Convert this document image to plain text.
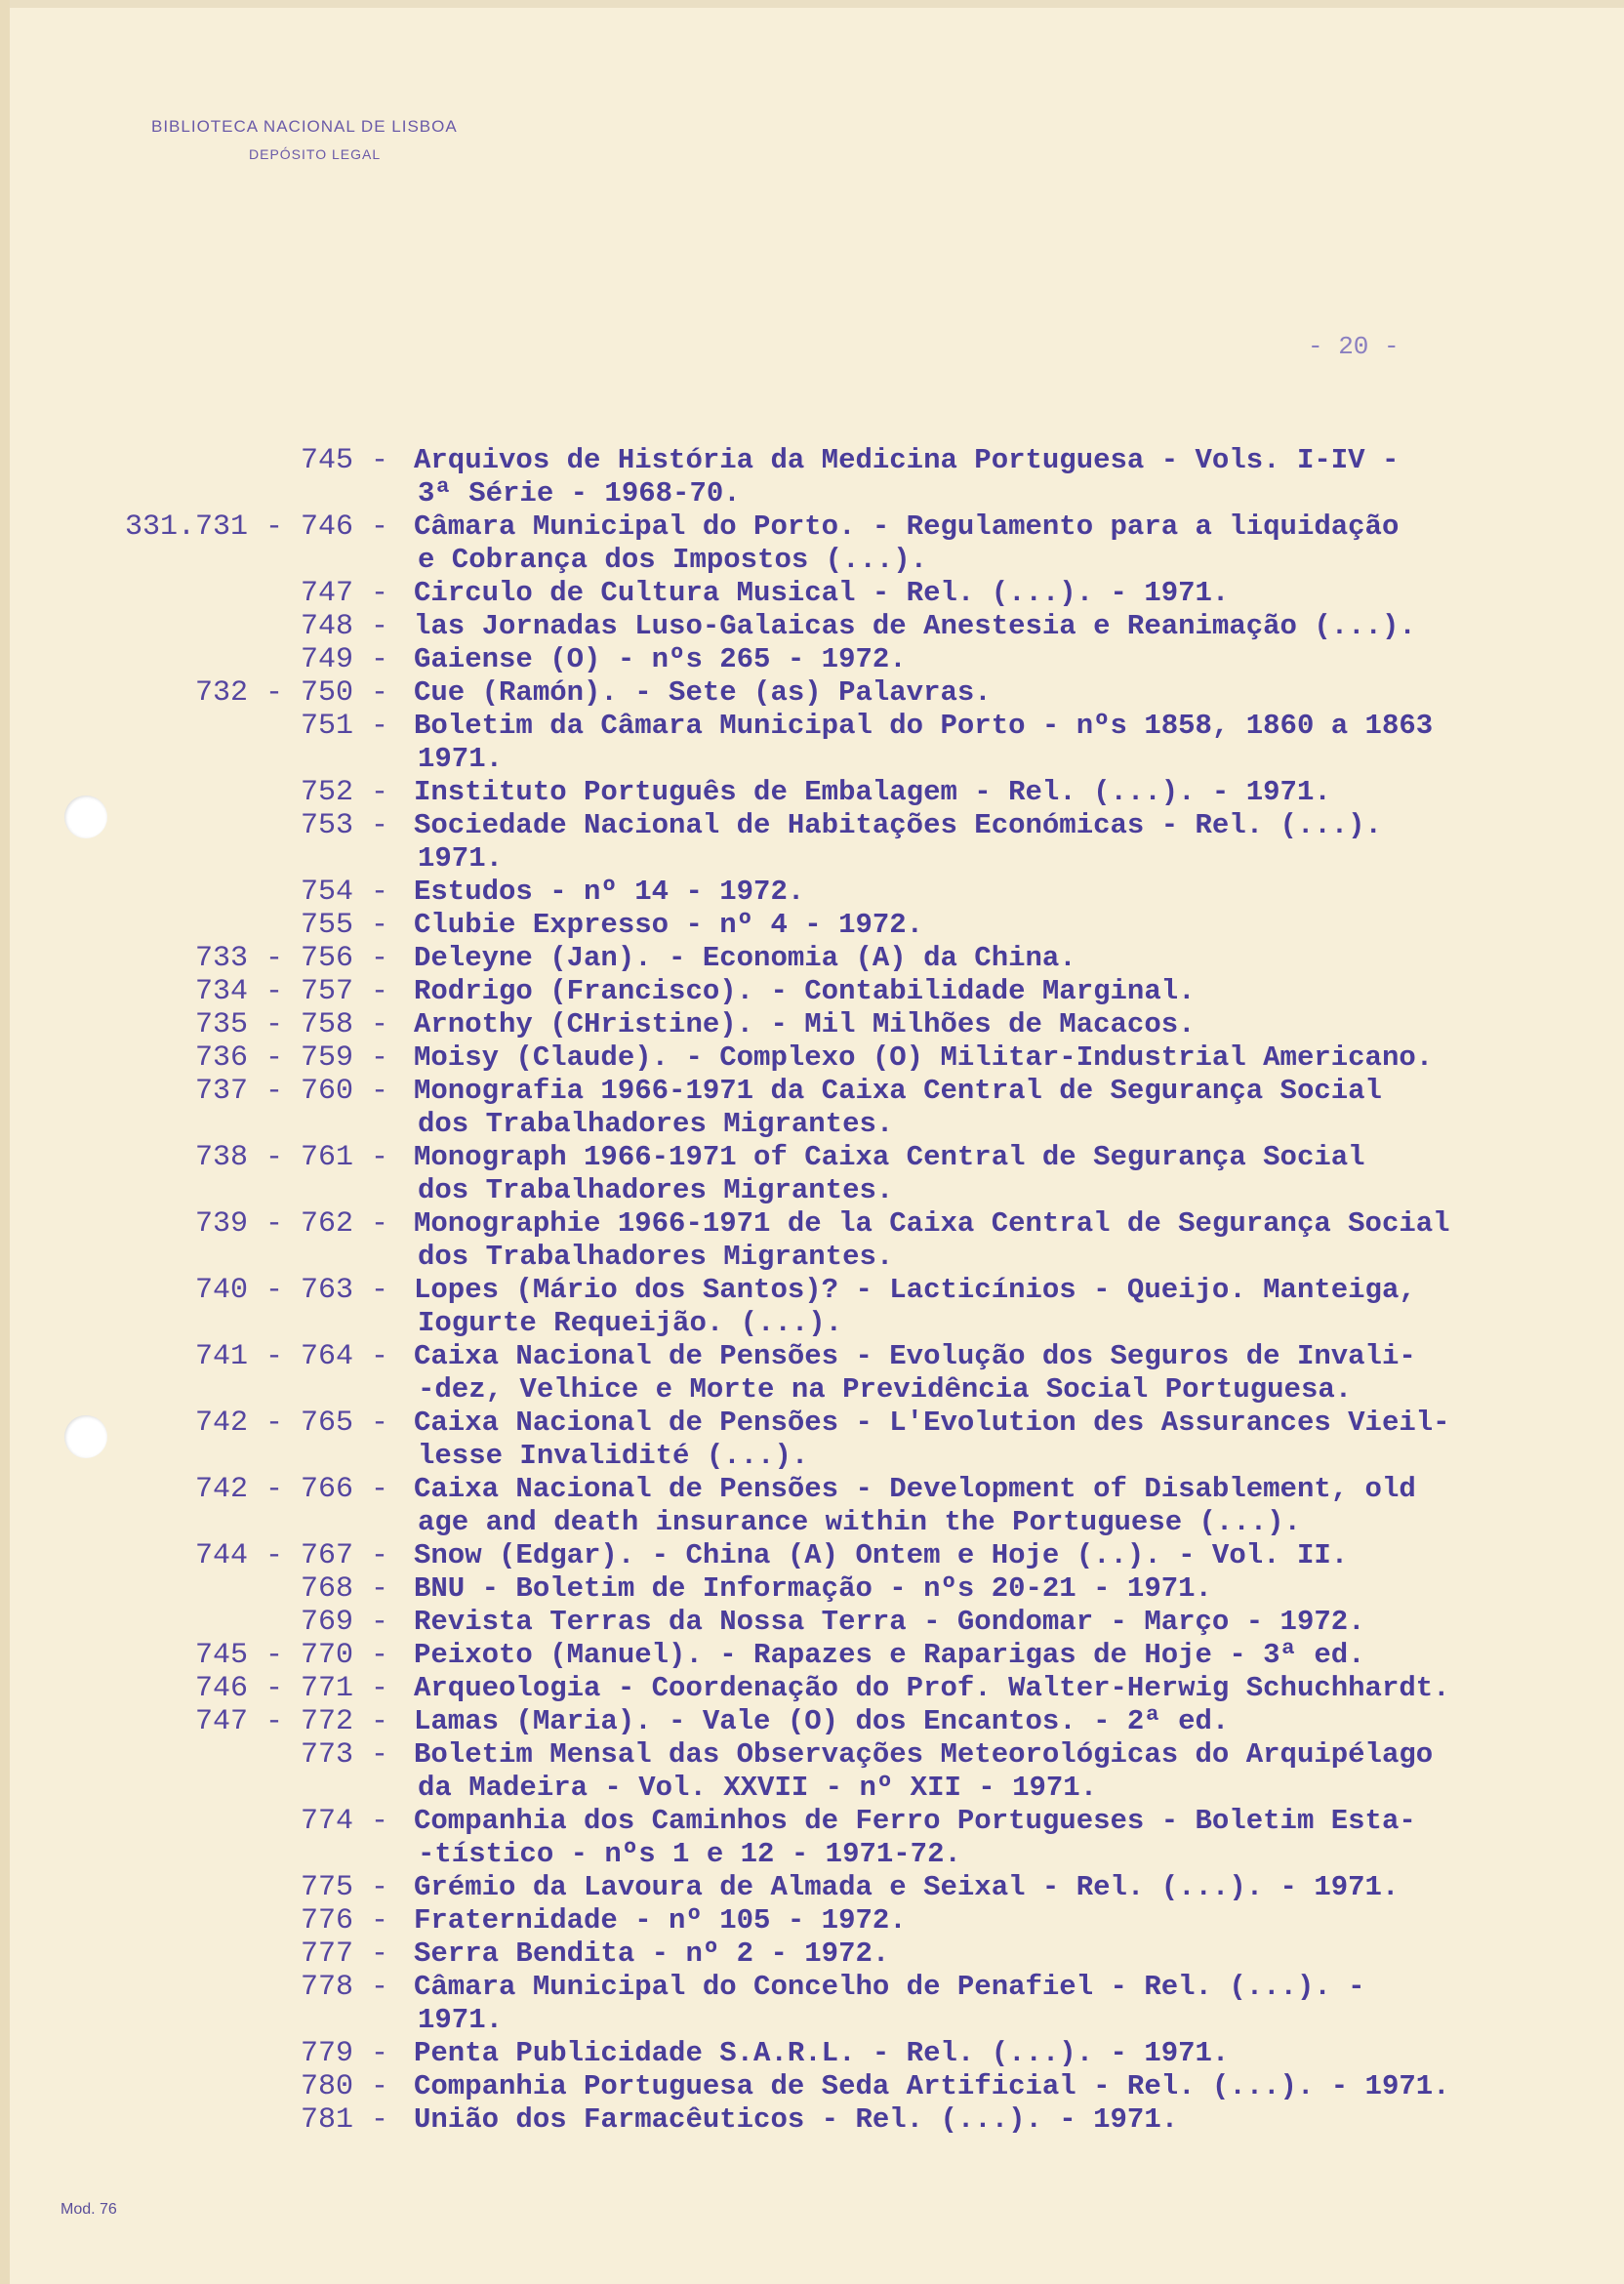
BIBLIOTECA NACIONAL DE LISBOA
DEPÓSITO LEGAL
- 20 -
745 - Arquivos de História da Medicina Portuguesa - Vols. I-IV -
3ª Série - 1968-70.
331.731 - 746 - Câmara Municipal do Porto. - Regulamento para a liquidação
e Cobrança dos Impostos (...).
747 - Circulo de Cultura Musical - Rel. (...). - 1971.
748 - las Jornadas Luso-Galaicas de Anestesia e Reanimação (...).
749 - Gaiense (O) - nºs 265 - 1972.
732 - 750 - Cue (Ramón). - Sete (as) Palavras.
751 - Boletim da Câmara Municipal do Porto - nºs 1858, 1860 a 1863
1971.
752 - Instituto Português de Embalagem - Rel. (...). - 1971.
753 - Sociedade Nacional de Habitações Económicas - Rel. (...).
1971.
754 - Estudos - nº 14 - 1972.
755 - Clubie Expresso - nº 4 - 1972.
733 - 756 - Deleyne (Jan). - Economia (A) da China.
734 - 757 - Rodrigo (Francisco). - Contabilidade Marginal.
735 - 758 - Arnothy (CHristine). - Mil Milhões de Macacos.
736 - 759 - Moisy (Claude). - Complexo (O) Militar-Industrial Americano.
737 - 760 - Monografia 1966-1971 da Caixa Central de Segurança Social
dos Trabalhadores Migrantes.
738 - 761 - Monograph 1966-1971 of Caixa Central de Segurança Social
dos Trabalhadores Migrantes.
739 - 762 - Monographie 1966-1971 de la Caixa Central de Segurança Social
dos Trabalhadores Migrantes.
740 - 763 - Lopes (Mário dos Santos)? - Lacticínios - Queijo. Manteiga,
Iogurte Requeijão. (...).
741 - 764 - Caixa Nacional de Pensões - Evolução dos Seguros de Invali-
-dez, Velhice e Morte na Previdência Social Portuguesa.
742 - 765 - Caixa Nacional de Pensões - L'Evolution des Assurances Vieil-
lesse Invalidité (...).
742 - 766 - Caixa Nacional de Pensões - Development of Disablement, old
age and death insurance within the Portuguese (...).
744 - 767 - Snow (Edgar). - China (A) Ontem e Hoje (..). - Vol. II.
768 - BNU - Boletim de Informação - nºs 20-21 - 1971.
769 - Revista Terras da Nossa Terra - Gondomar - Março - 1972.
745 - 770 - Peixoto (Manuel). - Rapazes e Raparigas de Hoje - 3ª ed.
746 - 771 - Arqueologia - Coordenação do Prof. Walter-Herwig Schuchhardt.
747 - 772 - Lamas (Maria). - Vale (O) dos Encantos. - 2ª ed.
773 - Boletim Mensal das Observações Meteorológicas do Arquipélago
da Madeira - Vol. XXVII - nº XII - 1971.
774 - Companhia dos Caminhos de Ferro Portugueses - Boletim Esta-
-tístico - nºs 1 e 12 - 1971-72.
775 - Grémio da Lavoura de Almada e Seixal - Rel. (...). - 1971.
776 - Fraternidade - nº 105 - 1972.
777 - Serra Bendita - nº 2 - 1972.
778 - Câmara Municipal do Concelho de Penafiel - Rel. (...). -
1971.
779 - Penta Publicidade S.A.R.L. - Rel. (...). - 1971.
780 - Companhia Portuguesa de Seda Artificial - Rel. (...). - 1971.
781 - União dos Farmacêuticos - Rel. (...). - 1971.
Mod. 76
